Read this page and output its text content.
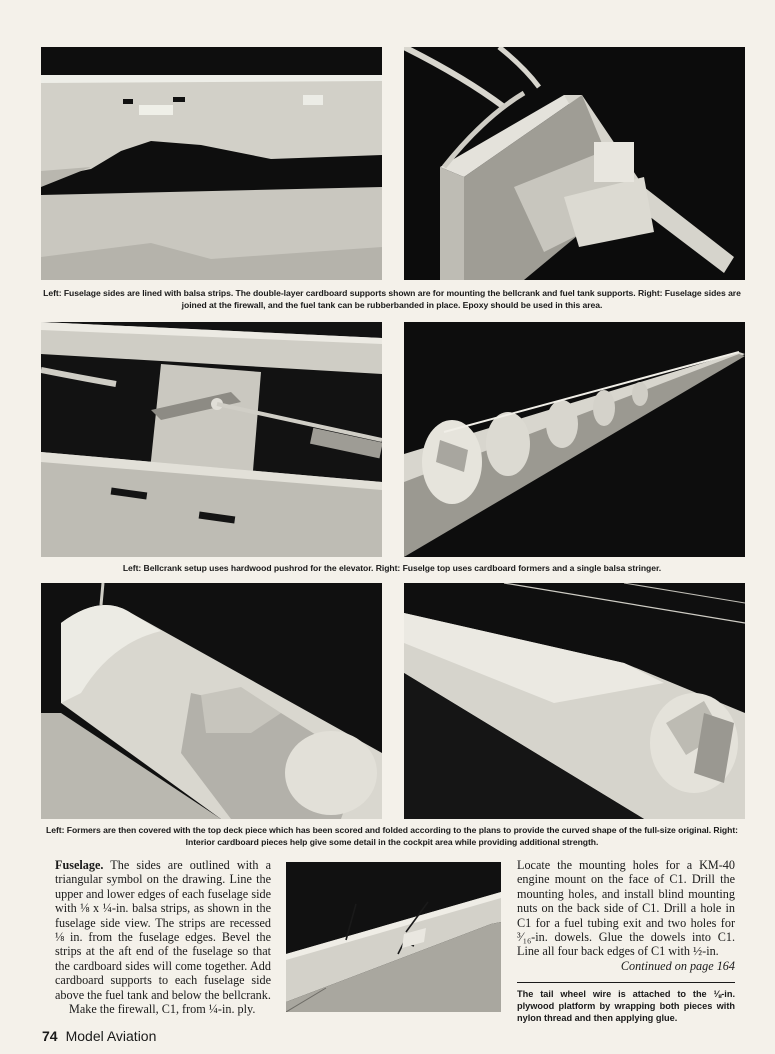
Left: Fuselage sides are lined with balsa strips. The double-layer cardboard supports shown are for mounting the bellcrank and fuel tank supports. Right: Fuselage sides are joined at the firewall, and the fuel tank can be rubberbanded in place. Epoxy should be used in this area.
Left: Bellcrank setup uses hardwood pushrod for the elevator. Right: Fuselge top uses cardboard formers and a single balsa stringer.
Left: Formers are then covered with the top deck piece which has been scored and folded according to the plans to provide the curved shape of the full-size original. Right: Interior cardboard pieces help give some detail in the cockpit area while providing additional strength.

Fuselage. The sides are outlined with a triangular symbol on the drawing. Line the upper and lower edges of each fuselage side with ⅛ x ¼-in. balsa strips, as shown in the fuselage side view. The strips are recessed ⅛ in. from the fuselage edges. Bevel the strips at the aft end of the fuselage so that the cardboard sides will come together. Add cardboard supports to each fuselage side above the fuel tank and below the bellcrank.

Make the firewall, C1, from ¼-in. ply.

Locate the mounting holes for a KM-40 engine mount on the face of C1. Drill the mounting holes, and install blind mounting nuts on the back side of C1. Drill a hole in C1 for a fuel tubing exit and two holes for ³⁄₁₆-in. dowels. Glue the dowels into C1. Line all four back edges of C1 with ½-in.

Continued on page 164
The tail wheel wire is attached to the ⅛-in. plywood platform by wrapping both pieces with nylon thread and then applying glue.
74 Model Aviation
